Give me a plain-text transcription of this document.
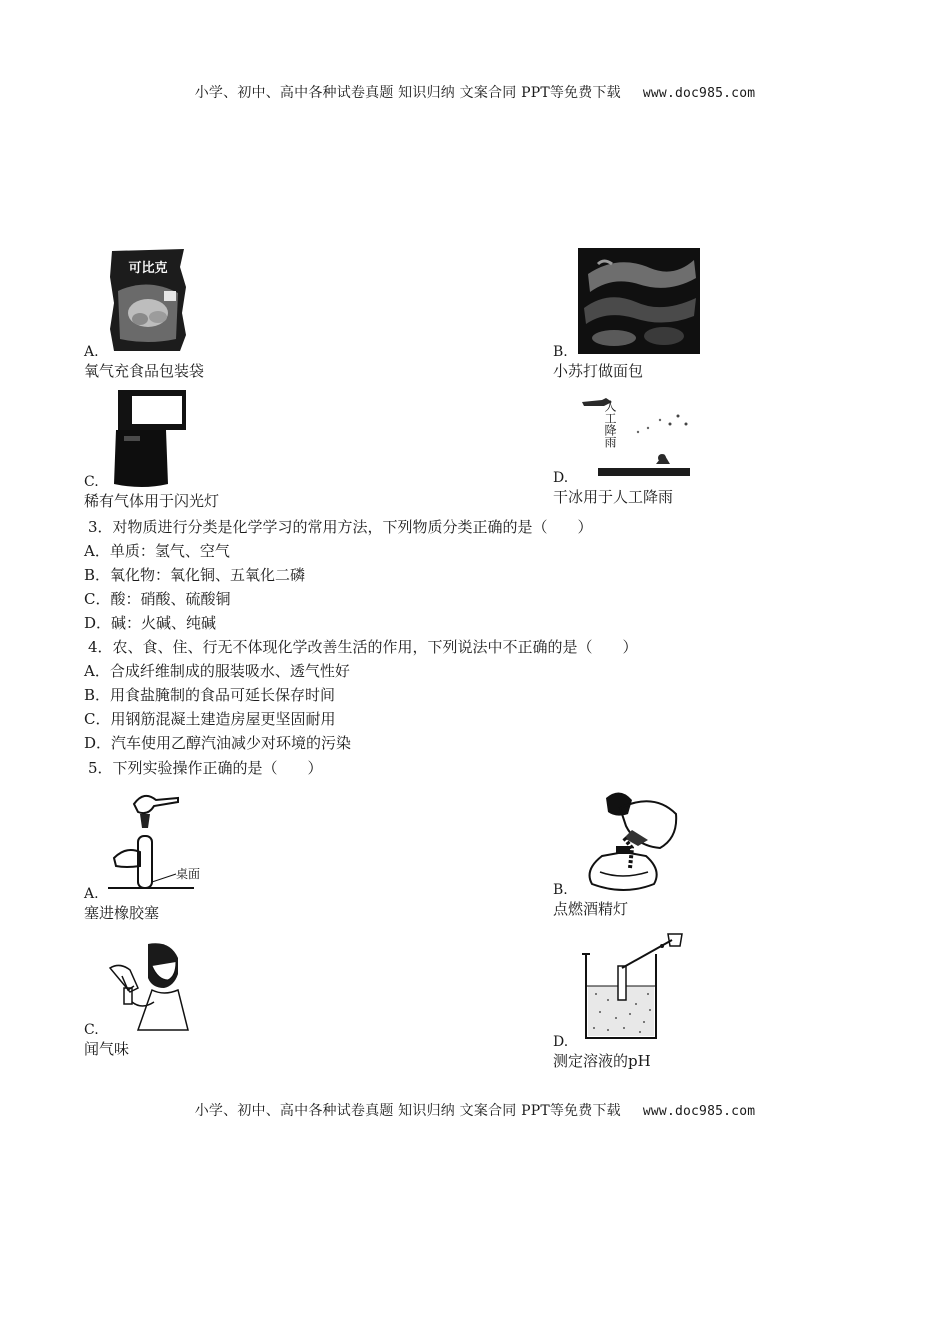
小学、初中、高中各种试卷真题 知识归纳 文案合同 PPT等免费下载 www.doc985.com
可比克
A.
氧气充食品包装袋
B.
小苏打做面包
C.
稀有气体用于闪光灯
人工降雨
D.
干冰用于人工降雨
3．对物质进行分类是化学学习的常用方法，下列物质分类正确的是（　　）
A．单质：氢气、空气
B．氧化物：氧化铜、五氧化二磷
C．酸：硝酸、硫酸铜
D．碱：火碱、纯碱
4．农、食、住、行无不体现化学改善生活的作用，下列说法中不正确的是（　　）
A．合成纤维制成的服装吸水、透气性好
B．用食盐腌制的食品可延长保存时间
C．用钢筋混凝土建造房屋更坚固耐用
D．汽车使用乙醇汽油减少对环境的污染
5．下列实验操作正确的是（　　）
桌面
A.
塞进橡胶塞
B.
点燃酒精灯
C.
闻气味	D.
测定溶液的pH
小学、初中、高中各种试卷真题 知识归纳 文案合同 PPT等免费下载 www.doc985.com
